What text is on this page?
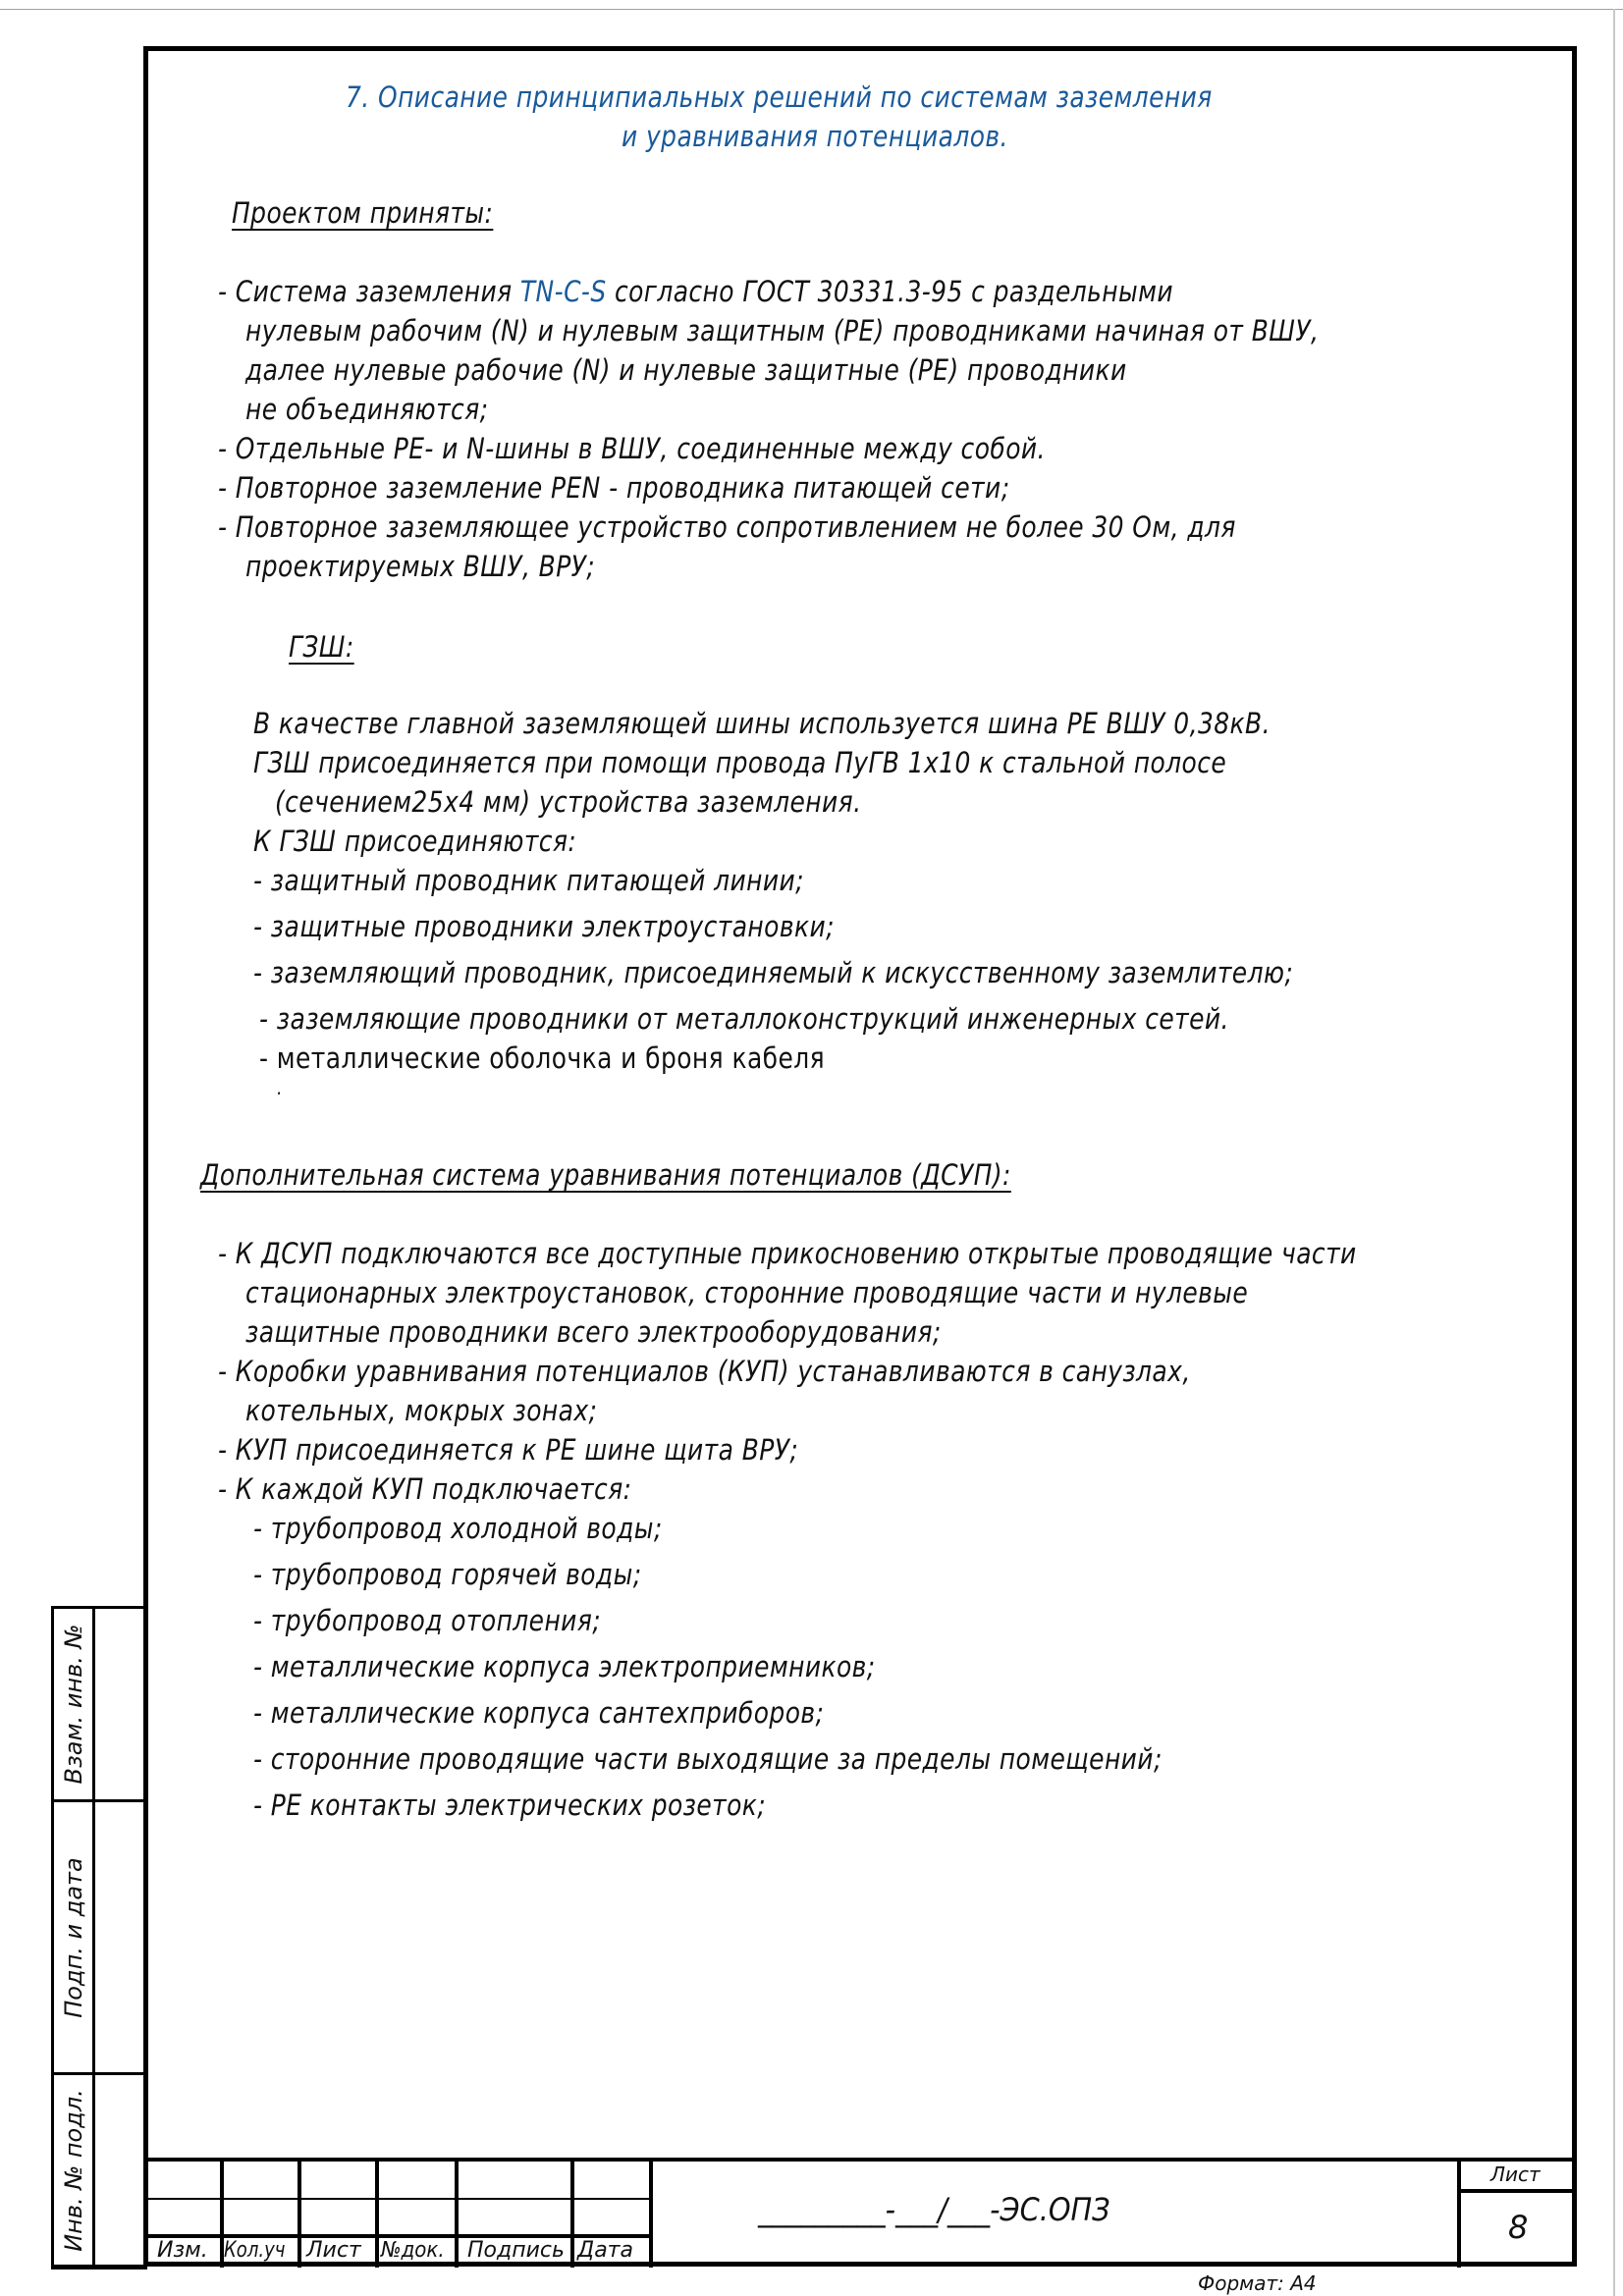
7. Описание принципиальных решений по системам заземления
и уравнивания потенциалов.
Проектом приняты:
- Система заземления TN-C-S согласно ГОСТ 30331.3-95 с раздельными
нулевым рабочим (N) и нулевым защитным (PE) проводниками начиная от ВШУ,
далее нулевые рабочие (N) и нулевые защитные (PE) проводники
не объединяются;
- Отдельные PE- и N-шины в ВШУ, соединенные между собой.
- Повторное заземление PEN - проводника питающей сети;
- Повторное заземляющее устройство сопротивлением не более 30 Ом, для
проектируемых ВШУ, ВРУ;
ГЗШ:
В качестве главной заземляющей шины используется шина PE ВШУ 0,38кВ.
ГЗШ присоединяется при помощи провода ПуГВ 1х10 к стальной полосе
(сечением25х4 мм) устройства заземления.
К ГЗШ присоединяются:
- защитный проводник питающей линии;
- защитные проводники электроустановки;
- заземляющий проводник, присоединяемый к искусственному заземлителю;
- заземляющие проводники от металлоконструкций инженерных сетей.
- металлические оболочка и броня кабеля
.
Дополнительная система уравнивания потенциалов (ДСУП):
- К ДСУП подключаются все доступные прикосновению открытые проводящие части
стационарных электроустановок, сторонние проводящие части и нулевые
защитные проводники всего электрооборудования;
- Коробки уравнивания потенциалов (КУП) устанавливаются в санузлах,
котельных, мокрых зонах;
- КУП присоединяется к PE шине щита ВРУ;
- К каждой КУП подключается:
- трубопровод холодной воды;
- трубопровод горячей воды;
- трубопровод отопления;
- металлические корпуса электроприемников;
- металлические корпуса сантехприборов;
- сторонние проводящие части выходящие за пределы помещений;
- PE контакты электрических розеток;
Взам. инв. №
Подп. и дата
Инв. № подл.	Изм. Кол.уч Лист №док. Подпись Дата
_________-___/___-ЭС.ОПЗ
Лист
8
Формат: А4
